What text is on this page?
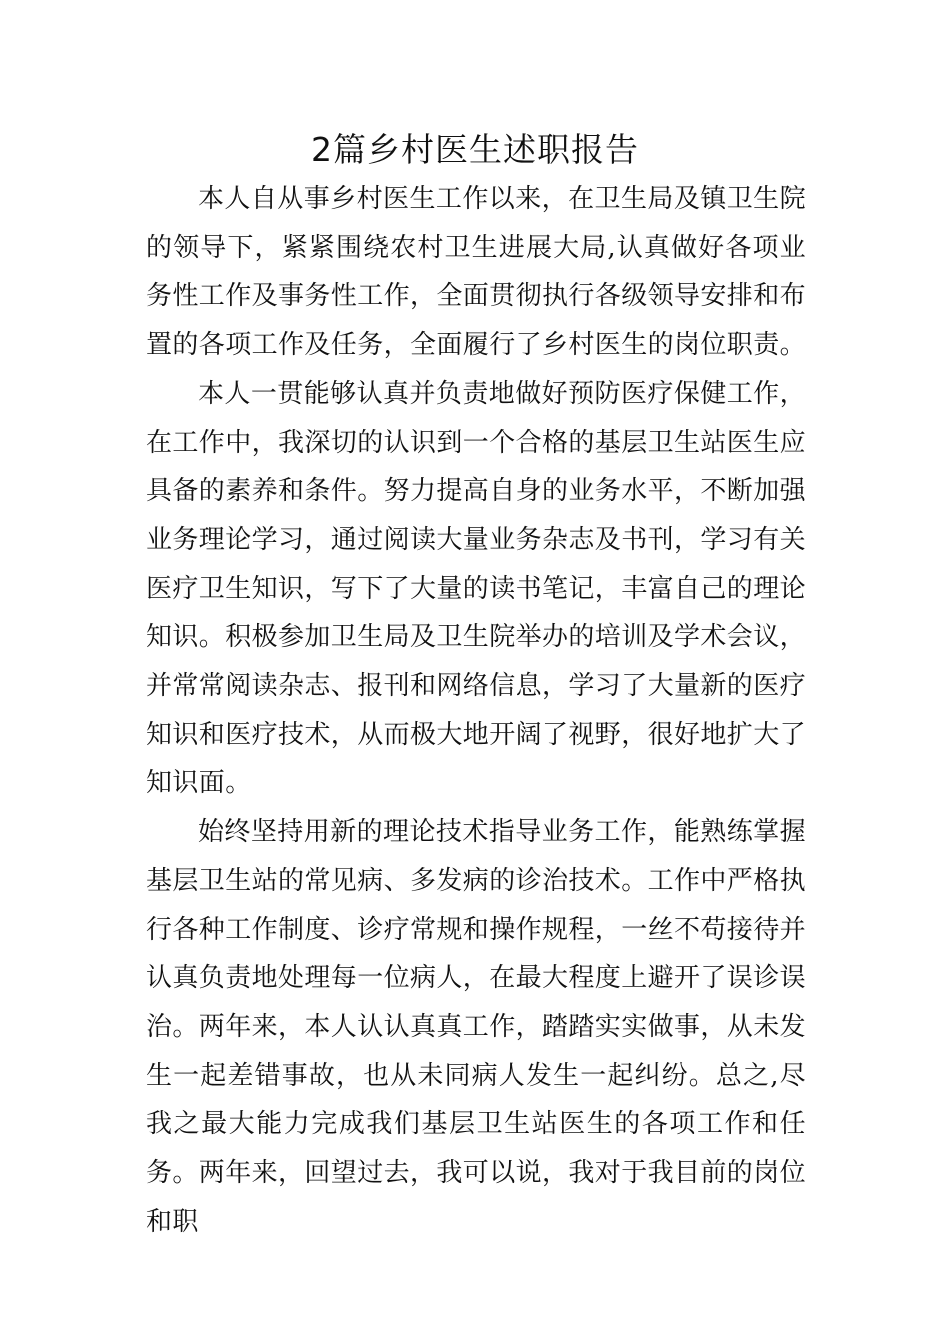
2篇乡村医生述职报告

本人自从事乡村医生工作以来，在卫生局及镇卫生院的领导下，紧紧围绕农村卫生进展大局,认真做好各项业务性工作及事务性工作，全面贯彻执行各级领导安排和布置的各项工作及任务，全面履行了乡村医生的岗位职责。

本人一贯能够认真并负责地做好预防医疗保健工作，在工作中，我深切的认识到一个合格的基层卫生站医生应具备的素养和条件。努力提高自身的业务水平，不断加强业务理论学习，通过阅读大量业务杂志及书刊，学习有关医疗卫生知识，写下了大量的读书笔记，丰富自己的理论知识。积极参加卫生局及卫生院举办的培训及学术会议，并常常阅读杂志、报刊和网络信息，学习了大量新的医疗知识和医疗技术，从而极大地开阔了视野，很好地扩大了知识面。

始终坚持用新的理论技术指导业务工作，能熟练掌握基层卫生站的常见病、多发病的诊治技术。工作中严格执行各种工作制度、诊疗常规和操作规程，一丝不苟接待并认真负责地处理每一位病人，在最大程度上避开了误诊误治。两年来，本人认认真真工作，踏踏实实做事，从未发生一起差错事故，也从未同病人发生一起纠纷。总之,尽我之最大能力完成我们基层卫生站医生的各项工作和任务。两年来，回望过去，我可以说，我对于我目前的岗位和职
